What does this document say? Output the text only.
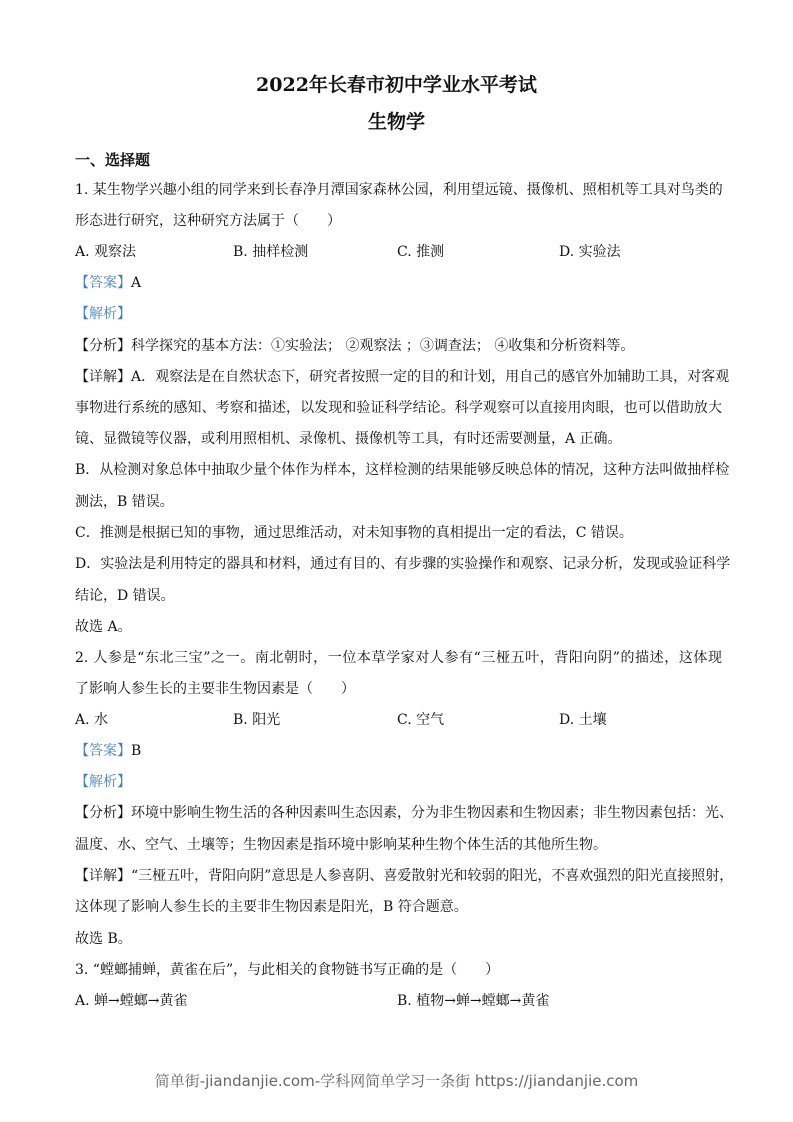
2022年长春市初中学业水平考试
生物学
一、选择题
1. 某生物学兴趣小组的同学来到长春净月潭国家森林公园，利用望远镜、摄像机、照相机等工具对鸟类的
形态进行研究，这种研究方法属于（　　）
A. 观察法	B. 抽样检测	C. 推测	D. 实验法
【答案】A
【解析】
【分析】科学探究的基本方法：①实验法； ②观察法 ；③调查法； ④收集和分析资料等。
【详解】A．观察法是在自然状态下，研究者按照一定的目的和计划，用自己的感官外加辅助工具，对客观
事物进行系统的感知、考察和描述，以发现和验证科学结论。科学观察可以直接用肉眼，也可以借助放大
镜、显微镜等仪器，或利用照相机、录像机、摄像机等工具，有时还需要测量，A 正确。
B．从检测对象总体中抽取少量个体作为样本，这样检测的结果能够反映总体的情况，这种方法叫做抽样检
测法，B 错误。
C．推测是根据已知的事物，通过思维活动，对未知事物的真相提出一定的看法，C 错误。
D．实验法是利用特定的器具和材料，通过有目的、有步骤的实验操作和观察、记录分析，发现或验证科学
结论，D 错误。
故选 A。
2. 人参是“东北三宝”之一。南北朝时，一位本草学家对人参有“三桠五叶，背阳向阴”的描述，这体现
了影响人参生长的主要非生物因素是（　　）
A. 水	B. 阳光	C. 空气	D. 土壤
【答案】B
【解析】
【分析】环境中影响生物生活的各种因素叫生态因素，分为非生物因素和生物因素；非生物因素包括：光、
温度、水、空气、土壤等；生物因素是指环境中影响某种生物个体生活的其他所生物。
【详解】“三桠五叶，背阳向阴”意思是人参喜阴、喜爱散射光和较弱的阳光，不喜欢强烈的阳光直接照射，
这体现了影响人参生长的主要非生物因素是阳光，B 符合题意。
故选 B。
3. “螳螂捕蝉，黄雀在后”，与此相关的食物链书写正确的是（　　）
A. 蝉→螳螂→黄雀	B. 植物→蝉→螳螂→黄雀
简单街-jiandanjie.com-学科网简单学习一条街 https://jiandanjie.com
